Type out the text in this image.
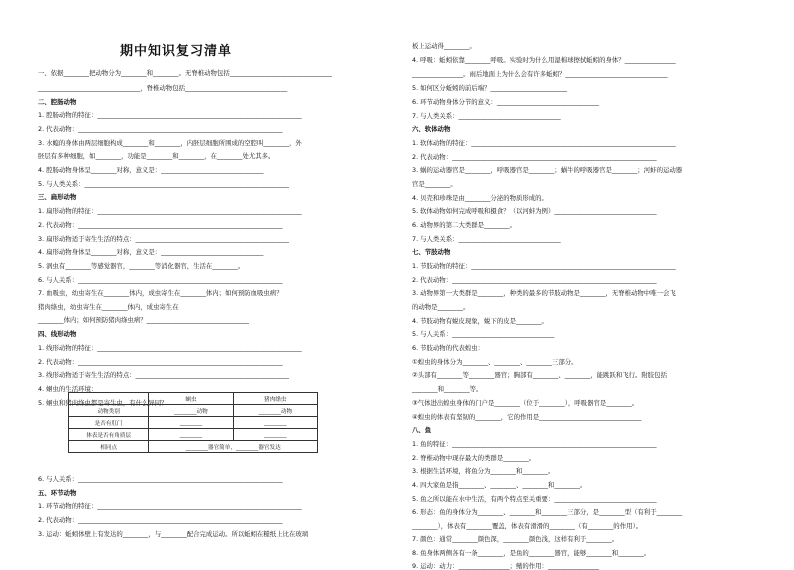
期中知识复习清单
一、依据________把动物分为________和________。无脊椎动物包括________________________________
________________________________，脊椎动物包括________________________________
二、腔肠动物
1. 腔肠动物的特征：________________________________________________________________
2. 代表动物：________________________________________________________________
3. 水螅的身体由两层细胞构成________和________，内胚层细胞所围成的空腔叫________，外
胚层有多种细胞，如________，功能是________和________，在________处尤其多。
4. 腔肠动物身体呈________对称，意义是：________________________________
5. 与人类关系：________________________________________________________________
三、扁形动物
1. 扁形动物的特征：________________________________________________________________
2. 代表动物：________________________________________________________________
3. 扁形动物适于寄生生活的特点：________________________________________________
4. 扁形动物身体呈________对称，意义是：________________________________
5. 涡虫有________等感觉器官，________等消化器官，生活在________。
6. 与人关系：________________________________________________________________
7. 血吸虫，幼虫寄生在________体内，成虫寄生在________体内；如何预防血吸虫病？
猪肉绦虫，幼虫寄生在________体内，成虫寄生在
________体内；如何预防猪肉绦虫病？________________________________
四、线形动物
1. 线形动物的特征：________________________________________________________________
2. 代表动物：________________________________________________________________
3. 线形动物适于寄生生活的特点：________________________________________________
4. 蛔虫的生活环境：________________________________
5. 蛔虫和猪肉绦虫都是寄生虫，有什么异同？
6. 与人关系：________________________________________________________________
五、环节动物
1. 环节动物的特征：________________________________________________________________
2. 代表动物：________________________________________________________________
3. 运动：蚯蚓体壁上有发达的________，与________配合完成运动。所以蚯蚓在糙纸上比在玻璃
板上运动得________。
4. 呼吸：蚯蚓依靠________呼吸。实验时为什么用湿棉球擦拭蚯蚓的身体？________________
________________。雨后地面上为什么会有许多蚯蚓？________________________________
5. 如何区分蚯蚓的前后端？________________________
6. 环节动物身体分节的意义：________________________________
7. 与人类关系：________________________________
六、软体动物
1. 软体动物的特征：________________________________________________________________
2. 代表动物：________________________________________________________________
3. 蜗的运动器官是________，呼吸器官是________；蜗牛的呼吸器官是________；河蚌的运动器
官是________。
4. 贝壳和珍珠是由________分泌的物质形成的。
5. 软体动物如何完成呼吸和摄食？（以河蚌为例）________________________________
6. 动物界的第二大类群是________。
7. 与人类关系：________________________________
七、节肢动物
1. 节肢动物的特征：________________________________________________________________
2. 代表动物：________________________________________________________________
3. 动物界第一大类群是________，种类的最多的节肢动物是________，无脊椎动物中唯一会飞
的动物是________。
4. 节肢动物有蜕皮现象，蜕下的皮是________。
5. 与人关系：________________________________
6. 节肢动物的代表蝗虫：
①蝗虫的身体分为________、________、________三部分。
②头部有________等________器官；胸部有________、________，能跳跃和飞行。附肢包括
________和________等。
③气体进出蝗虫身体的门户是________（位于________），呼吸器官是________。
④蝗虫的体表有坚韧的________，它的作用是________________________________
八、鱼
1. 鱼的特征：________________________________________________________________
2. 脊椎动物中现存最大的类群是________。
3. 根据生活环境，将鱼分为________和________。
4. 四大家鱼是指________、________、________和________。
5. 鱼之所以能在水中生活，有两个特点至关重要：________________________________
6. 形态：鱼的身体分为________、________和________三部分，是________型（有利于________
________），体表有________覆盖，体表有滑滑的________（有________的作用）。
7. 颜色：通常________颜色深，________颜色浅，这样有利于________。
8. 鱼身体两侧各有一条________，是鱼的________器官，能够________和________。
9. 运动：动力：________________；鳍的作用：________________
	蛔虫	猪肉绦虫
动物类别	________动物	________动物
是否有肛门	________	________
体表是否有角质层	________	________
相同点	________器官简单，________器官发达	
